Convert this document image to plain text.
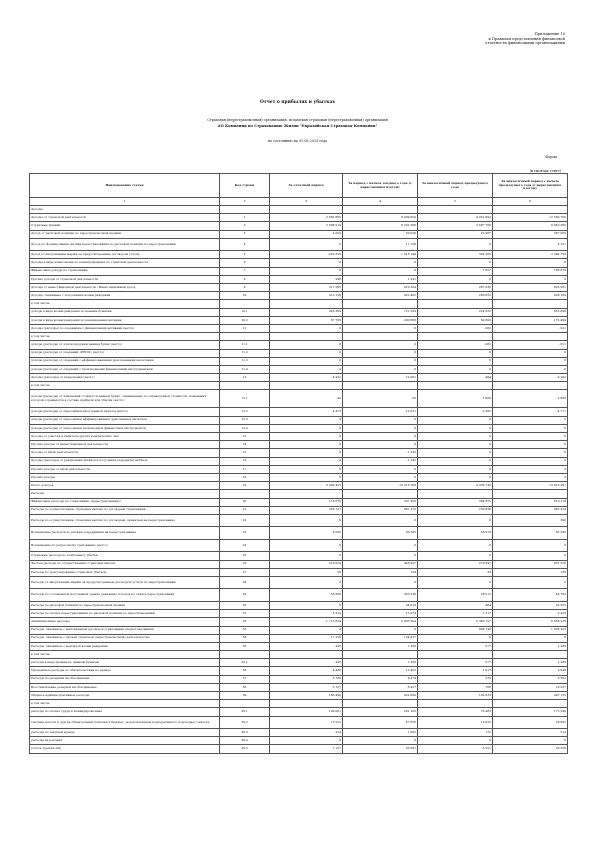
Приложение 10
к Правилам представления финансовой
отчетности финансовыми организациями
Отчет о прибылях и убытках
Страховая (перестраховочная) организация, исламская страховая (перестраховочная) организация
АО Компания по Страхованию Жизни "Евразийская Страховая Компания"
по состоянию на 01.08.2025 года
Форма
(в тысячах тенге)
Наименование статьи	Код строки	За отчетный период	За период с начала текущего года (с нарастающим итогом)	За аналогичный период предыдущего года	За аналогичный период с начала предыдущего года (с нарастающим итогом)
1	2	3	4	5	6
Доходы					
Доходы от страховой деятельности	1	2 682 860	9 409 650	4 052 692	12 590 706
Страховые премии	2	2 898 919	8 291 306	3 687 768	9 840 366
Доход от рисковой позиции по перестраховочной премии	3	4 002	50 028	22 987	367 669
Доход по формированию актива перестрахования по рисковой позиции по перестрахованию	4	0	11 726	0	4 151
Доход от амортизации маржи за предусмотренные договором услуги	5	-220 359	1 018 149	324 260	2 390 759
Доходы в виде комиссионного вознаграждения по страховой деятельности	6	0	0	0	0
Финансовые доходы по страхованию	7	0	0	7 657	168 819
Прочие доходы от страховой деятельности	8	298	1 241	0	0
Доходы от инвестиционной деятельности / Инвестиционный доход	9	317 585	910 384	287 038	825 561
Доходы, связанные с получением вознаграждения	10	313 156	922 465	286 852	828 184
в том числе:					
доходы в виде вознаграждения по ценным бумагам	10.1	245 394	721 599	224 052	655 690
доходы в виде вознаграждения по размещенным вкладам	10.2	67 760	200 866	62 800	172 494
Доходы (расходы) по операциям с финансовыми активами (нетто)	11	0	0	-282	-521
в том числе:					
доходы (расходы) от купли-продажи ценных бумаг (нетто)	11.1	0	0	-282	-521
доходы (расходы) от операций «РЕПО» (нетто)	11.2	0	0	0	0
доходы (расходы) от операций с аффинированными драгоценными металлами	11.3	0	0	0	0
доходы (расходы) от операций с производными финансовыми инструментами	11.4	0	0	0	0
Доходы (расходы) от переоценки (нетто)	12	4 431	-12 081	464	-2 102
в том числе:					
доходы (расходы) от изменения стоимости ценных бумаг, оцениваемых по справедливой стоимости, изменения которой отражаются в составе прибыли или убытка (нетто)	12.1	-42	-50	2 669	2 669
доходы (расходы) от переоценки иностранной валюты (нетто)	12.2	4 473	-12 031	-2 205	-4 771
доходы (расходы) от переоценки аффинированных драгоценных металлов	12.3	0	0	0	0
доходы (расходы) от переоценки производных финансовых инструментов	12.4	0	0	0	0
Доходы от участия в капитале других юридических лиц	13	0	0	0	0
Прочие доходы от инвестиционной деятельности	14	0	0	0	0
Доходы от иной деятельности	15	0	-1 245	0	0
Доходы (расходы) от реализации активов и получения (передачи) активов	16	0	-1 245	0	0
Прочие доходы от иной деятельности	17	0	0	0	0
Прочие доходы	18	0	0	0	0
Итого доходов	19	3 000 455	10 318 789	4 339 730	13 416 267
Расходы					
Финансовые расходы по страхованию (перестрахованию)	20	118 670	337 450	384 855	819 116
Расходы по осуществлению страховых выплат по договорам страхования	21	328 127	981 272	259 826	962 414
Расходы по осуществлению страховых выплат по договорам, принятым на перестрахование	22	0	0	0	390
Возмещение расходов по рискам, переданным на перестрахование	23	9 580	36 345	28 979	65 246
Возмещение по регрессному требованию (нетто)	24	0	0	0	0
Страховые расходы по компоненту убытка	25	0	0	0	0
Чистые расходы по осуществлению страховых выплат	26	318 624	946 927	270 847	837 556
Расходы по урегулированию страховых убытков	27	50	134	33	136
Расходы от амортизации маржи за предусмотренные договором услуги по перестрахованию	28	0	0	0	0
Расходы по отложенной полученной оценке денежных потоков по оплате перестрахования	29	-55 868	263 536	28 512	46 762
Расходы по рисковой позиции по перестраховочной премии	30	0	34 619	464	52 555
Расходы по оплате перестрахования по рисковой позиции по перестрахованию	31	5 520	15 974	1 317	2 423
Аквизиционные расходы	32	1 713 624	5 495 304	2 349 157	6 038 235
Расходы, связанные с выполнением договоров страхования (перестрахования)	33	0	0	498 142	1 626 423
Расходы, связанные с прочей страховой (перестраховочной) деятельностью	34	-17 226	134 927	0	0
Расходы, связанные с выплатой вознаграждения	35	443	1 350	577	1 289
в том числе:					
расходы в виде премии по ценным бумагам	35.1	443	1 350	577	1 289
Процентные расходы по обязательствам по аренде	36	4 436	12 955	1 017	2 946
Расходы по резервам на обесценение	37	6 786	9 479	279	6 592
Восстановление резервов на обесценение	38	3 127	8 457	708	10 237
Общие и административные расходы	39	166 490	422 690	162 633	407 125
в том числе:					
расходы по оплате труда и командировочные	39.1	109 061	291 183	78 483	173 240
текущие налоги и другие обязательные платежи в бюджет, за исключением корпоративного подоходного налога	39.2	15 522	47 656	18 832	29 862
расходы по текущей аренде	39.3	414	1 062	172	514
расходы на рекламу	39.4	0	0	0	0
услуги третьих лиц	39.5	7 127	20 697	6 551	26 358
